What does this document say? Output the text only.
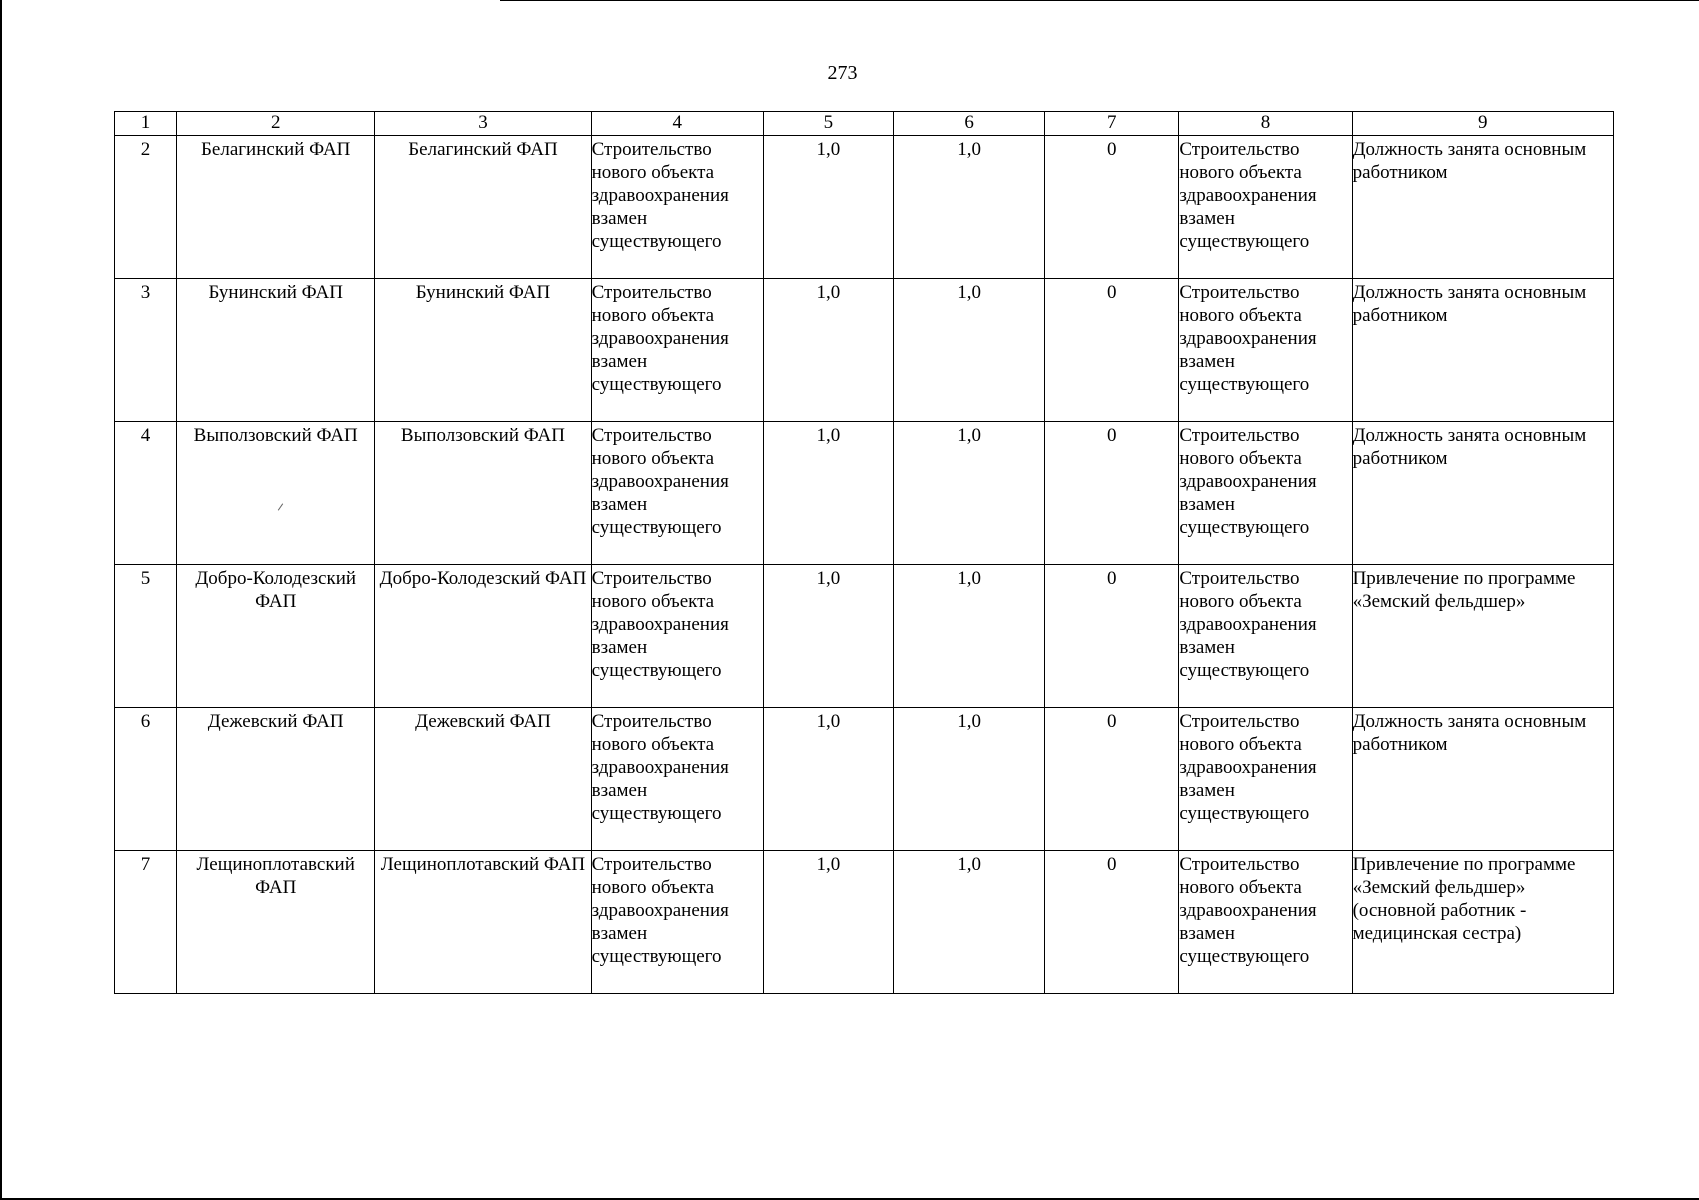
273
1	2	3	4	5	6	7	8	9
2	Белагинский ФАП	Белагинский ФАП	Строительство нового объекта здравоохранения взамен существующего	1,0	1,0	0	Строительство нового объекта здравоохранения взамен существующего	Должность занята основным работником
3	Бунинский ФАП	Бунинский ФАП	Строительство нового объекта здравоохранения взамен существующего	1,0	1,0	0	Строительство нового объекта здравоохранения взамен существующего	Должность занята основным работником
4	Выползовский ФАП	Выползовский ФАП	Строительство нового объекта здравоохранения взамен существующего	1,0	1,0	0	Строительство нового объекта здравоохранения взамен существующего	Должность занята основным работником
5	Добро-Колодезский ФАП	Добро-Колодезский ФАП	Строительство нового объекта здравоохранения взамен существующего	1,0	1,0	0	Строительство нового объекта здравоохранения взамен существующего	Привлечение по программе «Земский фельдшер»
6	Дежевский ФАП	Дежевский ФАП	Строительство нового объекта здравоохранения взамен существующего	1,0	1,0	0	Строительство нового объекта здравоохранения взамен существующего	Должность занята основным работником
7	Лещиноплотавский ФАП	Лещиноплотавский ФАП	Строительство нового объекта здравоохранения взамен существующего	1,0	1,0	0	Строительство нового объекта здравоохранения взамен существующего	Привлечение по программе «Земский фельдшер» (основной работник - медицинская сестра)
